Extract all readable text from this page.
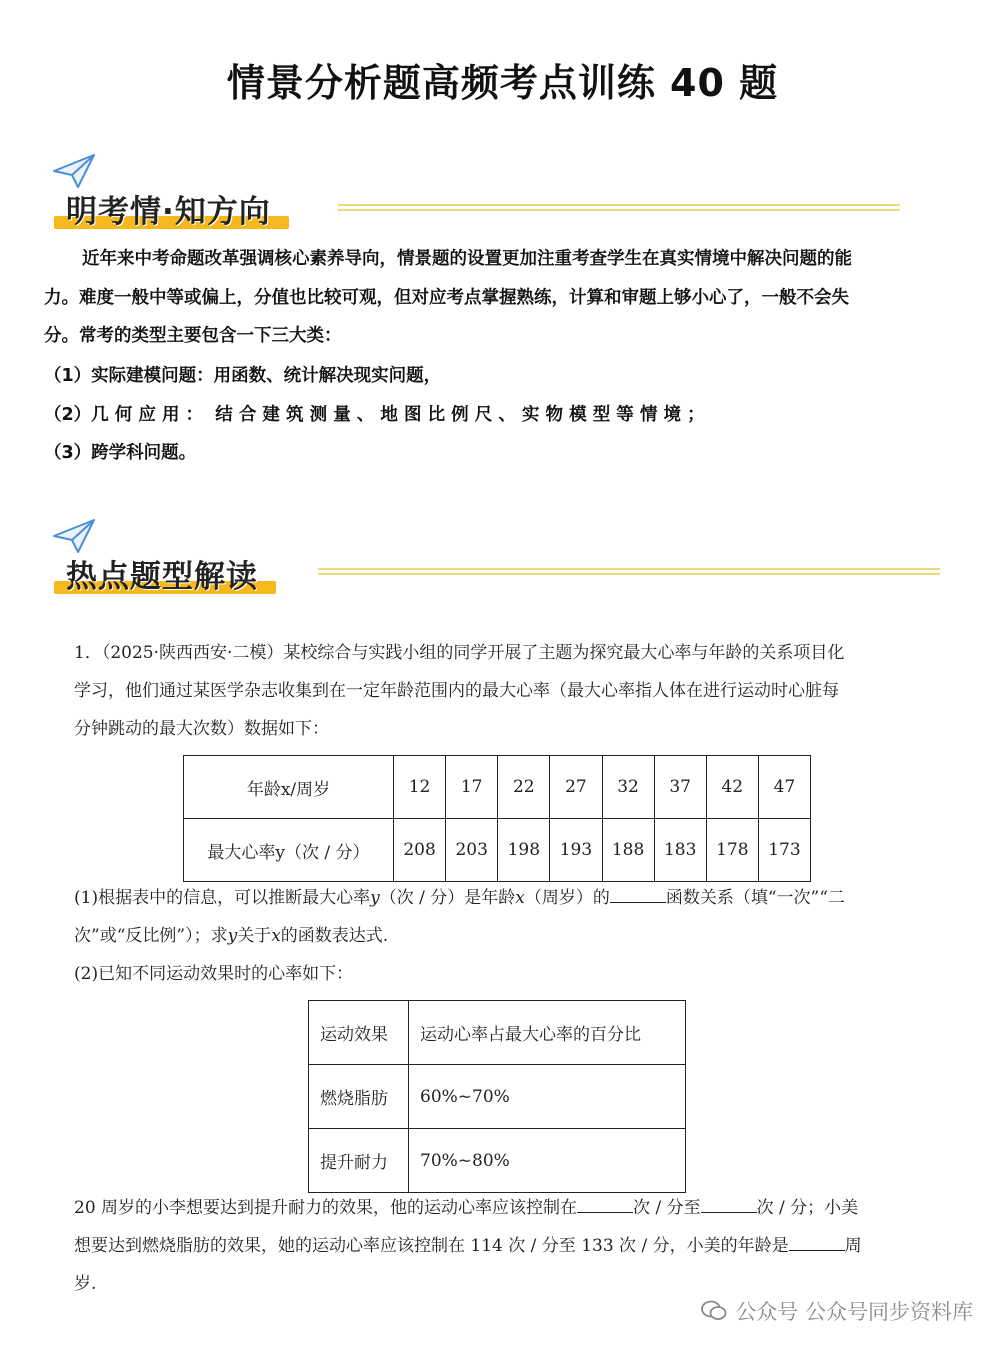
情景分析题高频考点训练 40 题
明考情·知方向
近年来中考命题改革强调核心素养导向，情景题的设置更加注重考查学生在真实情境中解决问题的能
力。难度一般中等或偏上，分值也比较可观，但对应考点掌握熟练，计算和审题上够小心了，一般不会失
分。常考的类型主要包含一下三大类：
（1）实际建模问题：用函数、统计解决现实问题，
（2）几 何 应 用 ：  结 合 建 筑 测 量 、 地 图 比 例 尺 、 实 物 模 型 等 情 境 ；
（3）跨学科问题。
热点题型解读
1．（2025·陕西西安·二模）某校综合与实践小组的同学开展了主题为探究最大心率与年龄的关系项目化
学习，他们通过某医学杂志收集到在一定年龄范围内的最大心率（最大心率指人体在进行运动时心脏每
分钟跳动的最大次数）数据如下：
年龄x/周岁	12	17	22	27	32	37	42	47
最大心率y（次 / 分）	208	203	198	193	188	183	178	173
(1)根据表中的信息，可以推断最大心率y（次 / 分）是年龄x（周岁）的	函数关系（填“一次”“二
次”或“反比例”）；求y关于x的函数表达式.
(2)已知不同运动效果时的心率如下：
运动效果	运动心率占最大心率的百分比
燃烧脂肪	60%~70%
提升耐力	70%~80%
20 周岁的小李想要达到提升耐力的效果，他的运动心率应该控制在	次 / 分至	次 / 分；小美
想要达到燃烧脂肪的效果，她的运动心率应该控制在 114 次 / 分至 133 次 / 分，小美的年龄是	周
岁.
公众号 公众号同步资料库
